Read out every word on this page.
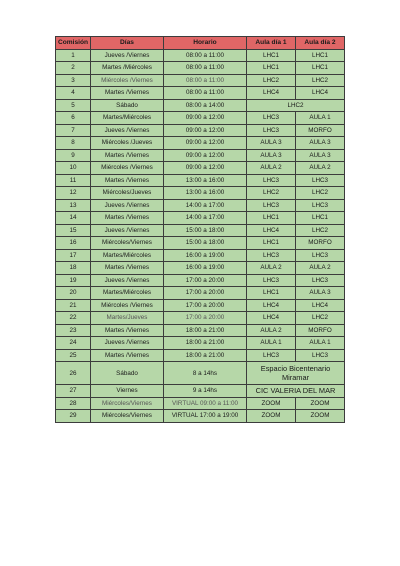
Comisión	Días	Horario	Aula día 1	Aula día 2
1	Jueves /Viernes	08:00 a 11:00	LHC1	LHC1
2	Martes /Miércoles	08:00 a 11:00	LHC1	LHC1
3	Miércoles /Viernes	08:00 a 11:00	LHC2	LHC2
4	Martes /Viernes	08:00 a 11:00	LHC4	LHC4
5	Sábado	08:00 a 14:00	LHC2	
6	Martes/Miércoles	09:00 a 12:00	LHC3	AULA 1
7	Jueves /Viernes	09:00 a 12:00	LHC3	MORFO
8	Miércoles /Jueves	09:00 a 12:00	AULA 3	AULA 3
9	Martes /Viernes	09:00 a 12:00	AULA 3	AULA 3
10	Miércoles /Viernes	09:00 a 12:00	AULA 2	AULA 2
11	Martes /Viernes	13:00 a 16:00	LHC3	LHC3
12	Miércoles/Jueves	13:00 a 16:00	LHC2	LHC2
13	Jueves /Viernes	14:00 a 17:00	LHC3	LHC3
14	Martes /Viernes	14:00 a 17:00	LHC1	LHC1
15	Jueves /Viernes	15:00 a 18:00	LHC4	LHC2
16	Miércoles/Viernes	15:00 a 18:00	LHC1	MORFO
17	Martes/Miércoles	16:00 a 19:00	LHC3	LHC3
18	Martes /Viernes	16:00 a 19:00	AULA 2	AULA 2
19	Jueves /Viernes	17:00 a 20:00	LHC3	LHC3
20	Martes/Miércoles	17:00 a 20:00	LHC1	AULA 3
21	Miércoles /Viernes	17:00 a 20:00	LHC4	LHC4
22	Martes/Jueves	17:00 a 20:00	LHC4	LHC2
23	Martes /Viernes	18:00 a 21:00	AULA 2	MORFO
24	Jueves /Viernes	18:00 a 21:00	AULA 1	AULA 1
25	Martes /Viernes	18:00 a 21:00	LHC3	LHC3
26	Sábado	8 a 14hs	Espacio Bicentenario Miramar	
27	Viernes	9 a 14hs	CIC VALERIA DEL MAR	
28	Miércoles/Viernes	VIRTUAL 09:00 a 11:00	ZOOM	ZOOM
29	Miércoles/Viernes	VIRTUAL 17:00 a 19:00	ZOOM	ZOOM
